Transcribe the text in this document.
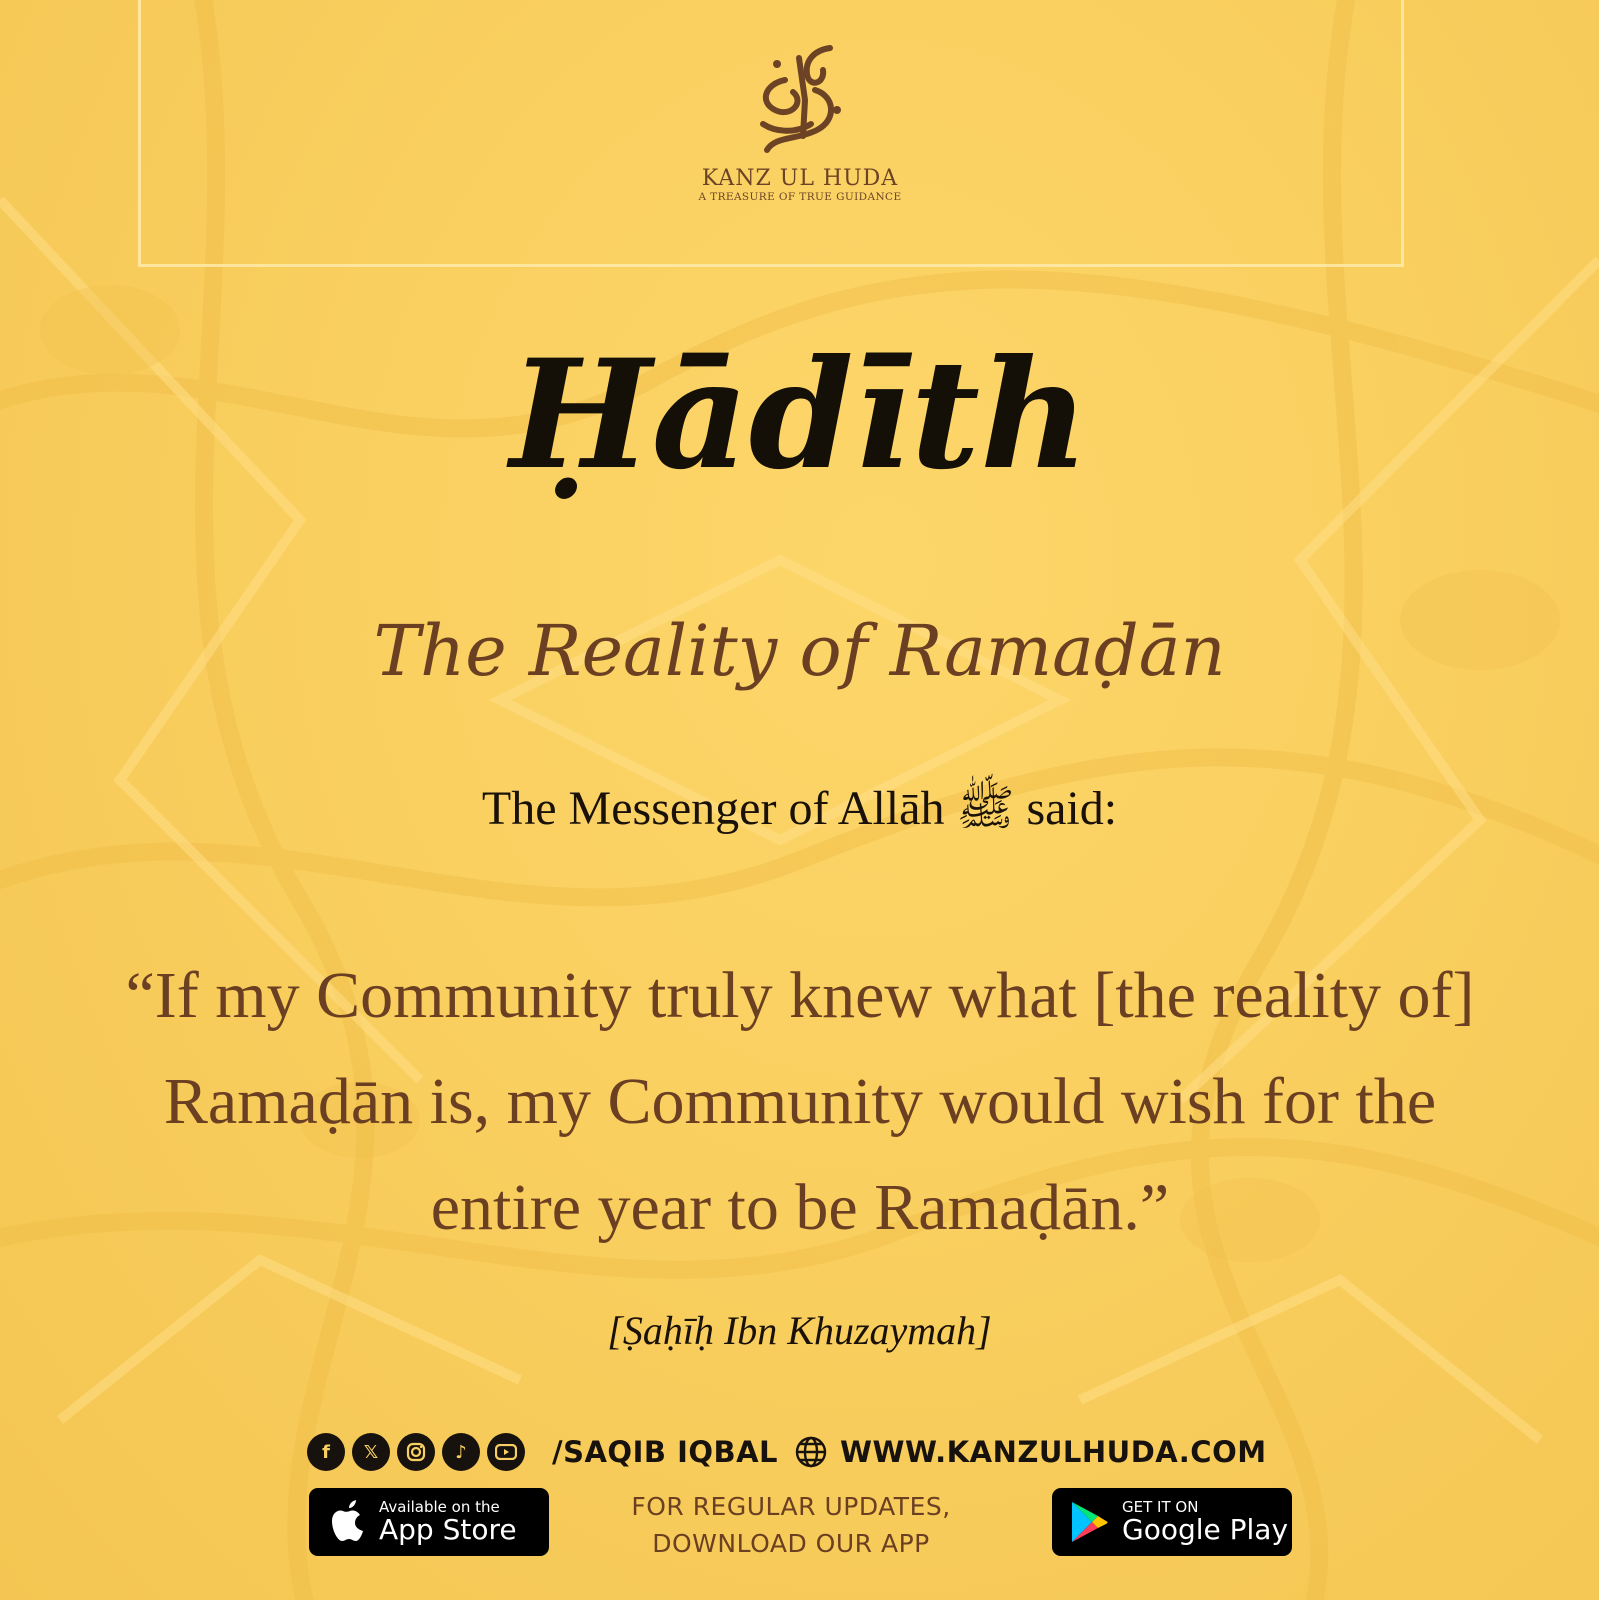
KANZ UL HUDA
A TREASURE OF TRUE GUIDANCE
Ḥādīth
The Reality of Ramaḍān
The Messenger of Allāh ﷺ said:
“If my Community truly knew what [the reality of] Ramaḍān is, my Community would wish for the entire year to be Ramaḍān.”
[Ṣaḥīḥ Ibn Khuzaymah]
f	𝕏	♪	/SAQIB IQBAL WWW.KANZULHUDA.COM
Available on the
App Store
FOR REGULAR UPDATES,
DOWNLOAD OUR APP
GET IT ON
Google Play
